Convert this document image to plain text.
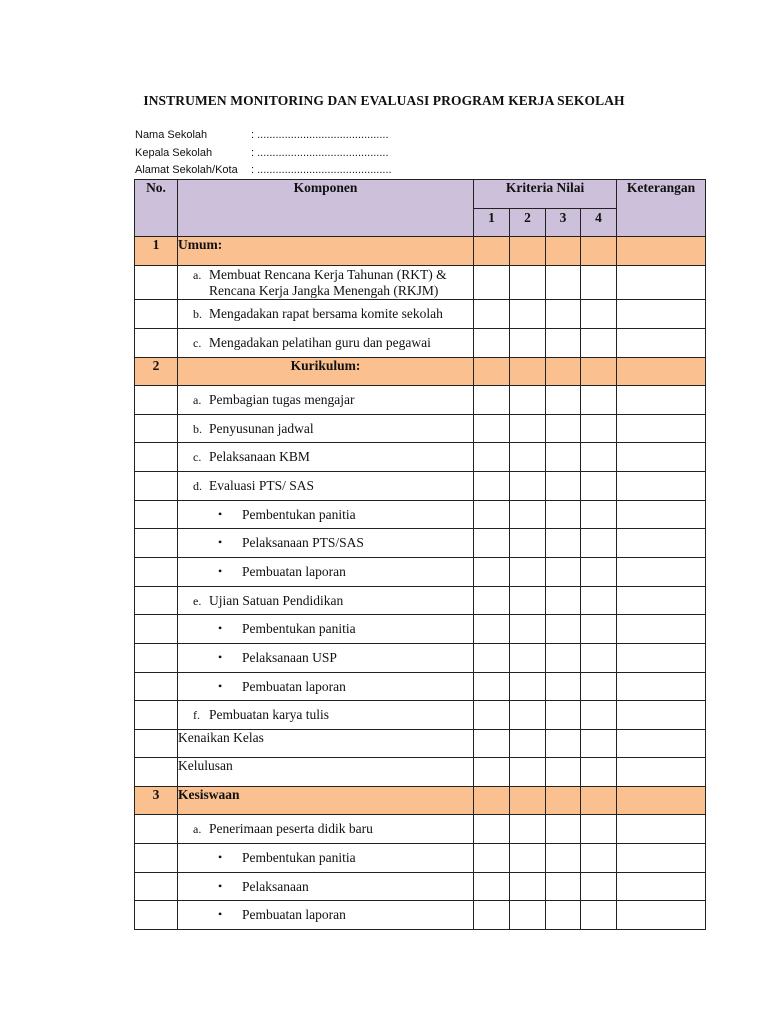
INSTRUMEN MONITORING DAN EVALUASI PROGRAM KERJA SEKOLAH
Nama Sekolah	: ...........................................
Kepala Sekolah	: ...........................................
Alamat Sekolah/Kota	: ............................................
No.	Komponen	Kriteria Nilai				Keterangan
		1	2	3	4	
1	Umum:					

	a. Membuat Rencana Kerja Tahunan (RKT) & Rencana Kerja Jangka Menengah (RKJM)					

	b. Mengadakan rapat bersama komite sekolah					

	c. Mengadakan pelatihan guru dan pegawai					

2	Kurikulum:					

	a. Pembagian tugas mengajar					

	b. Penyusunan jadwal					

	c. Pelaksanaan KBM					

	d. Evaluasi PTS/ SAS					

	• Pembentukan panitia					

	• Pelaksanaan PTS/SAS					

	• Pembuatan laporan					

	e. Ujian Satuan Pendidikan					

	• Pembentukan panitia					

	• Pelaksanaan USP					

	• Pembuatan laporan					

	f. Pembuatan karya tulis					

	Kenaikan Kelas					
	Kelulusan					
3	Kesiswaan					

	a. Penerimaan peserta didik baru					

	• Pembentukan panitia					

	• Pelaksanaan					

	• Pembuatan laporan					
